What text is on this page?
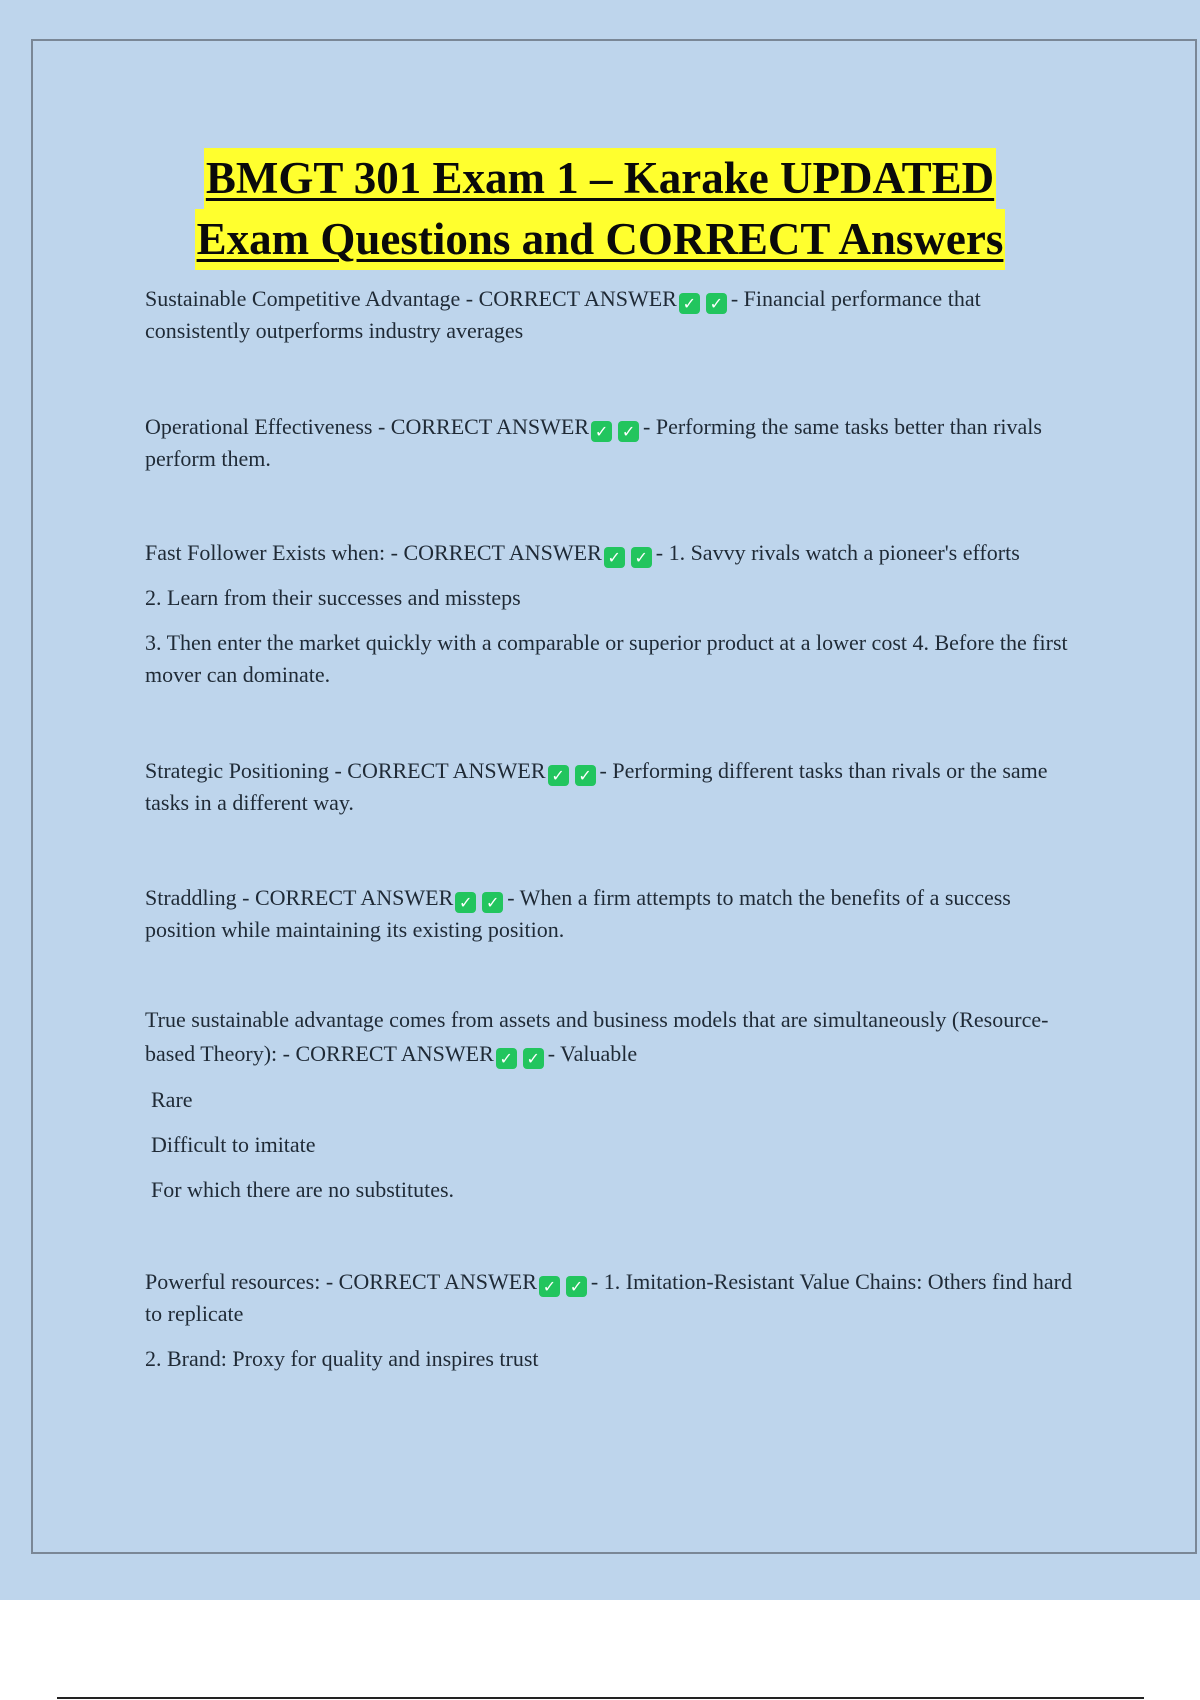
BMGT 301 Exam 1 – Karake UPDATED
Exam Questions and CORRECT Answers

Sustainable Competitive Advantage - CORRECT ANSWER ✓ ✓ - Financial performance that consistently outperforms industry averages

Operational Effectiveness - CORRECT ANSWER ✓ ✓ - Performing the same tasks better than rivals perform them.

Fast Follower Exists when: - CORRECT ANSWER ✓ ✓ - 1. Savvy rivals watch a pioneer's efforts

2. Learn from their successes and missteps

3. Then enter the market quickly with a comparable or superior product at a lower cost 4. Before the first mover can dominate.

Strategic Positioning - CORRECT ANSWER ✓ ✓ - Performing different tasks than rivals or the same tasks in a different way.

Straddling - CORRECT ANSWER ✓ ✓ - When a firm attempts to match the benefits of a success position while maintaining its existing position.

True sustainable advantage comes from assets and business models that are simultaneously (Resource-based Theory): - CORRECT ANSWER ✓ ✓ - Valuable

Rare

Difficult to imitate

For which there are no substitutes.

Powerful resources: - CORRECT ANSWER ✓ ✓ - 1. Imitation-Resistant Value Chains: Others find hard to replicate

2. Brand: Proxy for quality and inspires trust
